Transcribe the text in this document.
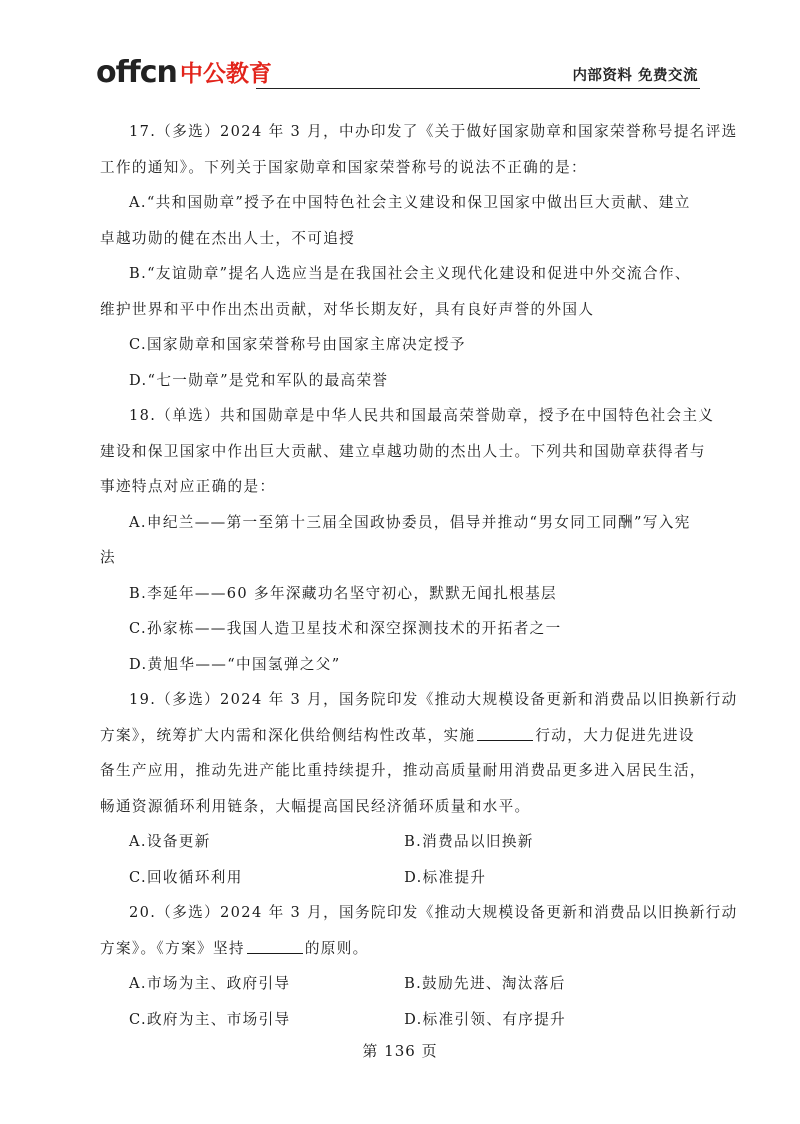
offcn 中公教育	内部资料 免费交流

17.（多选）2024 年 3 月，中办印发了《关于做好国家勋章和国家荣誉称号提名评选

工作的通知》。下列关于国家勋章和国家荣誉称号的说法不正确的是：

A.“共和国勋章”授予在中国特色社会主义建设和保卫国家中做出巨大贡献、建立

卓越功勋的健在杰出人士，不可追授

B.“友谊勋章”提名人选应当是在我国社会主义现代化建设和促进中外交流合作、

维护世界和平中作出杰出贡献，对华长期友好，具有良好声誉的外国人

C.国家勋章和国家荣誉称号由国家主席决定授予

D.“七一勋章”是党和军队的最高荣誉

18.（单选）共和国勋章是中华人民共和国最高荣誉勋章，授予在中国特色社会主义

建设和保卫国家中作出巨大贡献、建立卓越功勋的杰出人士。下列共和国勋章获得者与

事迹特点对应正确的是：

A.申纪兰——第一至第十三届全国政协委员，倡导并推动“男女同工同酬”写入宪

法

B.李延年——60 多年深藏功名坚守初心，默默无闻扎根基层

C.孙家栋——我国人造卫星技术和深空探测技术的开拓者之一

D.黄旭华——“中国氢弹之父”

19.（多选）2024 年 3 月，国务院印发《推动大规模设备更新和消费品以旧换新行动

方案》，统筹扩大内需和深化供给侧结构性改革，实施	行动，大力促进先进设

备生产应用，推动先进产能比重持续提升，推动高质量耐用消费品更多进入居民生活，

畅通资源循环利用链条，大幅提高国民经济循环质量和水平。

A.设备更新	B.消费品以旧换新
C.回收循环利用	D.标准提升

20.（多选）2024 年 3 月，国务院印发《推动大规模设备更新和消费品以旧换新行动

方案》。《方案》坚持	的原则。

A.市场为主、政府引导	B.鼓励先进、淘汰落后
C.政府为主、市场引导	D.标准引领、有序提升
第 136 页
